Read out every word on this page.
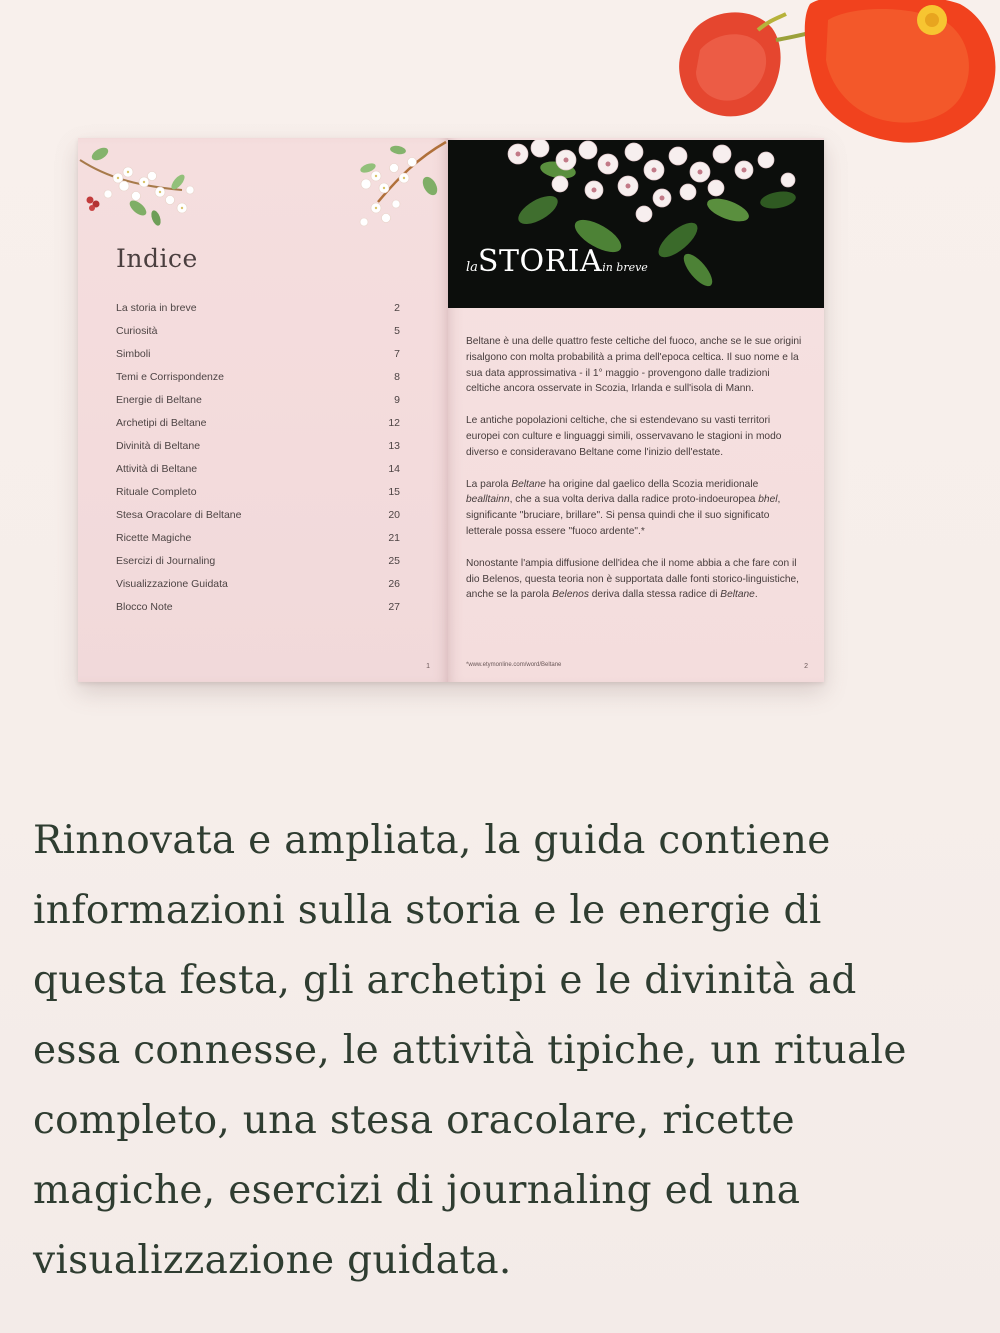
Indice
La storia in breve	2
Curiosità	5
Simboli	7
Temi e Corrispondenze	8
Energie di Beltane	9
Archetipi di Beltane	12
Divinità di Beltane	13
Attività di Beltane	14
Rituale Completo	15
Stesa Oracolare di Beltane	20
Ricette Magiche	21
Esercizi di Journaling	25
Visualizzazione Guidata	26
Blocco Note	27
1
laSTORIAin breve

Beltane è una delle quattro feste celtiche del fuoco, anche se le sue origini risalgono con molta probabilità a prima dell'epoca celtica. Il suo nome e la sua data approssimativa - il 1° maggio - provengono dalle tradizioni celtiche ancora osservate in Scozia, Irlanda e sull'isola di Mann.

Le antiche popolazioni celtiche, che si estendevano su vasti territori europei con culture e linguaggi simili, osservavano le stagioni in modo diverso e consideravano Beltane come l'inizio dell'estate.

La parola Beltane ha origine dal gaelico della Scozia meridionale bealltainn, che a sua volta deriva dalla radice proto-indoeuropea bhel, significante "bruciare, brillare". Si pensa quindi che il suo significato letterale possa essere "fuoco ardente".*

Nonostante l'ampia diffusione dell'idea che il nome abbia a che fare con il dio Belenos, questa teoria non è supportata dalle fonti storico-linguistiche, anche se la parola Belenos deriva dalla stessa radice di Beltane.

*www.etymonline.com/word/Beltane	2

Rinnovata e ampliata, la guida contiene informazioni sulla storia e le energie di questa festa, gli archetipi e le divinità ad essa connesse, le attività tipiche, un rituale completo, una stesa oracolare, ricette magiche, esercizi di journaling ed una visualizzazione guidata.
